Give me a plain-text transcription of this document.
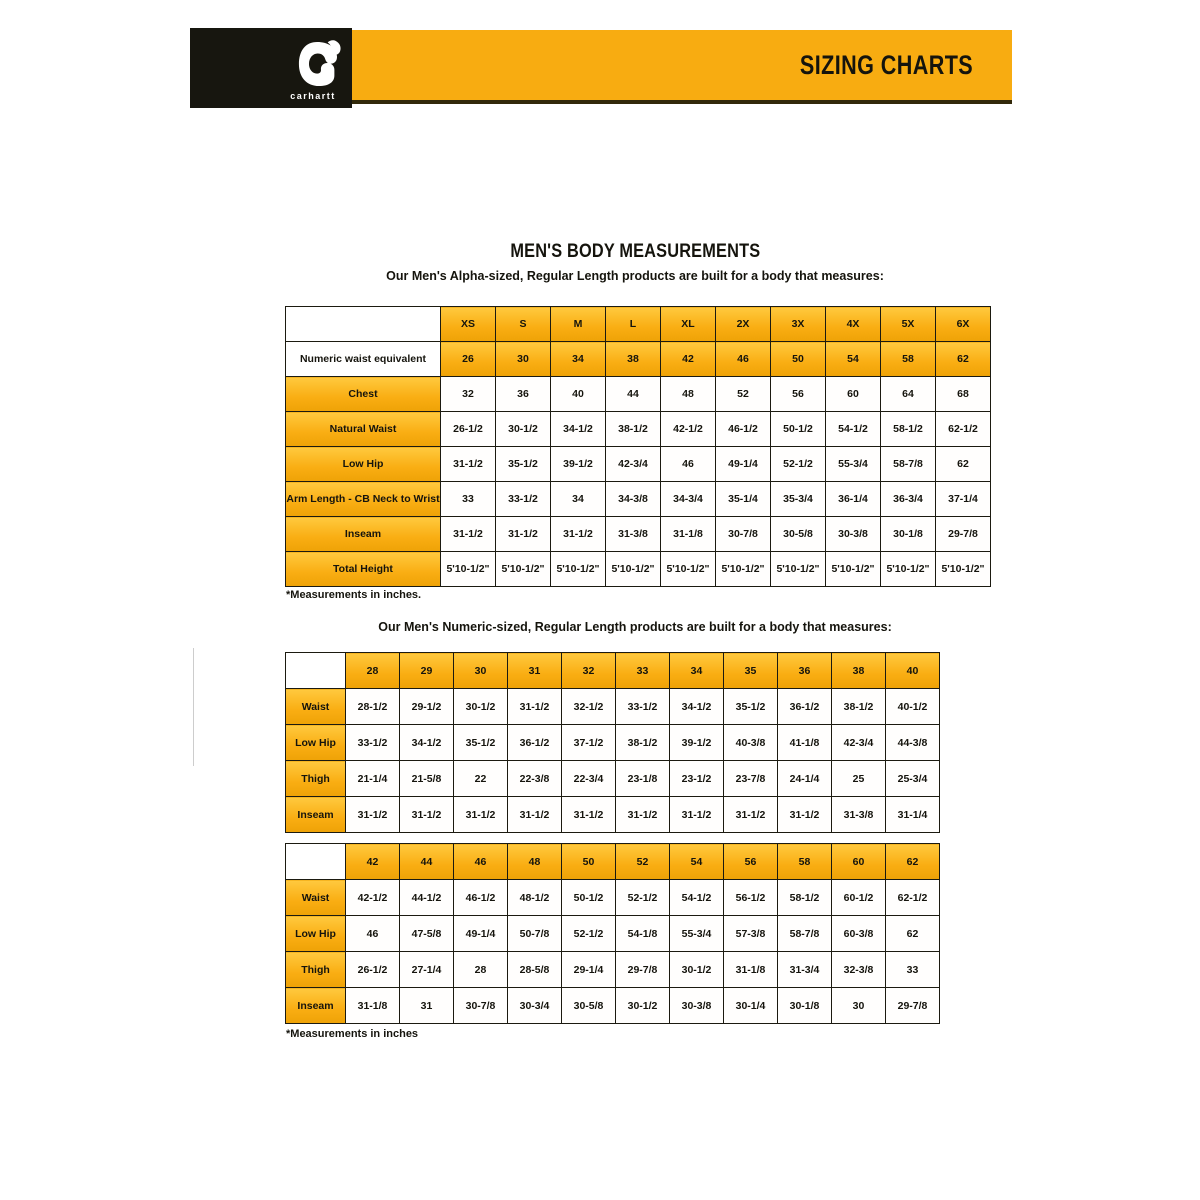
carhartt
SIZING CHARTS
MEN'S BODY MEASUREMENTS
Our Men's Alpha-sized, Regular Length products are built for a body that measures:
	XS	S	M	L	XL	2X	3X	4X	5X	6X
Numeric waist equivalent	26	30	34	38	42	46	50	54	58	62
Chest	32	36	40	44	48	52	56	60	64	68
Natural Waist	26-1/2	30-1/2	34-1/2	38-1/2	42-1/2	46-1/2	50-1/2	54-1/2	58-1/2	62-1/2
Low Hip	31-1/2	35-1/2	39-1/2	42-3/4	46	49-1/4	52-1/2	55-3/4	58-7/8	62
Arm Length - CB Neck to Wrist	33	33-1/2	34	34-3/8	34-3/4	35-1/4	35-3/4	36-1/4	36-3/4	37-1/4
Inseam	31-1/2	31-1/2	31-1/2	31-3/8	31-1/8	30-7/8	30-5/8	30-3/8	30-1/8	29-7/8
Total Height	5'10-1/2"	5'10-1/2"	5'10-1/2"	5'10-1/2"	5'10-1/2"	5'10-1/2"	5'10-1/2"	5'10-1/2"	5'10-1/2"	5'10-1/2"
*Measurements in inches.
Our Men's Numeric-sized, Regular Length products are built for a body that measures:
	28	29	30	31	32	33	34	35	36	38	40
Waist	28-1/2	29-1/2	30-1/2	31-1/2	32-1/2	33-1/2	34-1/2	35-1/2	36-1/2	38-1/2	40-1/2
Low Hip	33-1/2	34-1/2	35-1/2	36-1/2	37-1/2	38-1/2	39-1/2	40-3/8	41-1/8	42-3/4	44-3/8
Thigh	21-1/4	21-5/8	22	22-3/8	22-3/4	23-1/8	23-1/2	23-7/8	24-1/4	25	25-3/4
Inseam	31-1/2	31-1/2	31-1/2	31-1/2	31-1/2	31-1/2	31-1/2	31-1/2	31-1/2	31-3/8	31-1/4
	42	44	46	48	50	52	54	56	58	60	62
Waist	42-1/2	44-1/2	46-1/2	48-1/2	50-1/2	52-1/2	54-1/2	56-1/2	58-1/2	60-1/2	62-1/2
Low Hip	46	47-5/8	49-1/4	50-7/8	52-1/2	54-1/8	55-3/4	57-3/8	58-7/8	60-3/8	62
Thigh	26-1/2	27-1/4	28	28-5/8	29-1/4	29-7/8	30-1/2	31-1/8	31-3/4	32-3/8	33
Inseam	31-1/8	31	30-7/8	30-3/4	30-5/8	30-1/2	30-3/8	30-1/4	30-1/8	30	29-7/8
*Measurements in inches
